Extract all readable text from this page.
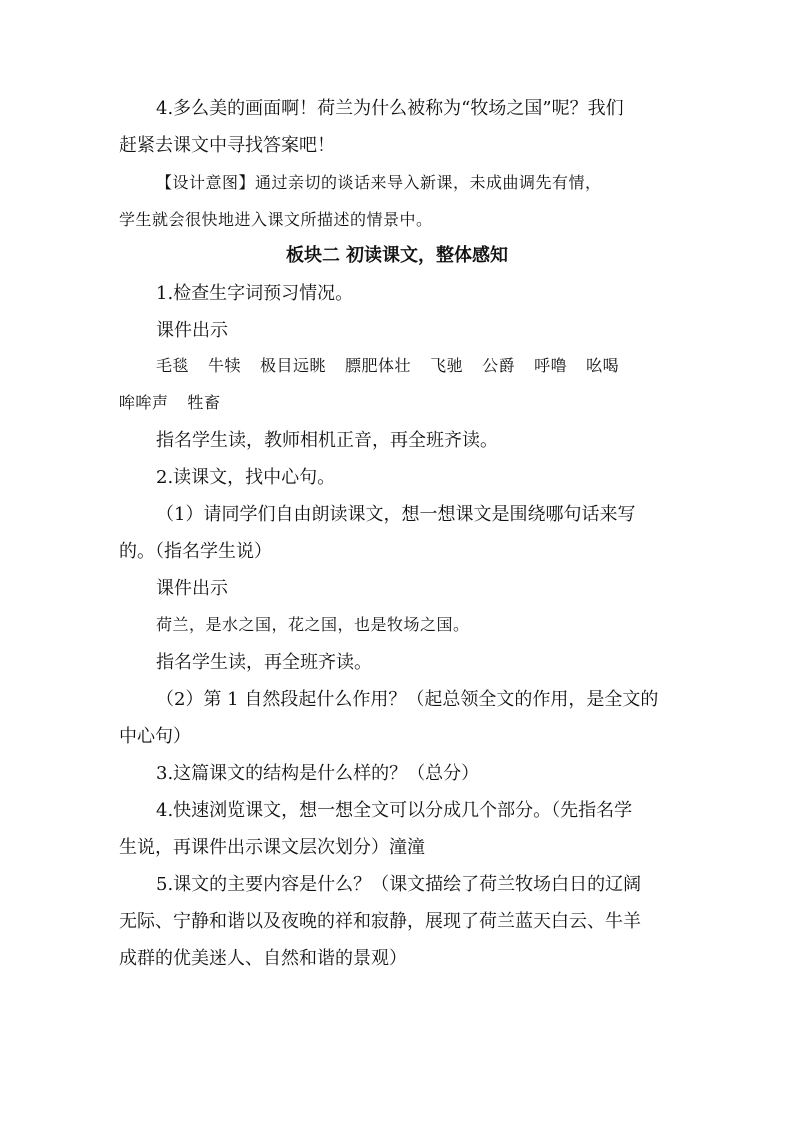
4.多么美的画面啊！荷兰为什么被称为“牧场之国”呢？我们
赶紧去课文中寻找答案吧！
【设计意图】通过亲切的谈话来导入新课，未成曲调先有情，
学生就会很快地进入课文所描述的情景中。
板块二 初读课文，整体感知
1.检查生字词预习情况。
课件出示
毛毯 牛犊 极目远眺 膘肥体壮 飞驰 公爵 呼噜 吆喝
哞哞声 牲畜
指名学生读，教师相机正音，再全班齐读。
2.读课文，找中心句。
（1）请同学们自由朗读课文，想一想课文是围绕哪句话来写
的。（指名学生说）
课件出示
荷兰，是水之国，花之国，也是牧场之国。
指名学生读，再全班齐读。
（2）第 1 自然段起什么作用？（起总领全文的作用，是全文的
中心句）
3.这篇课文的结构是什么样的？（总分）
4.快速浏览课文，想一想全文可以分成几个部分。（先指名学
生说，再课件出示课文层次划分）潼潼
5.课文的主要内容是什么？（课文描绘了荷兰牧场白日的辽阔
无际、宁静和谐以及夜晚的祥和寂静，展现了荷兰蓝天白云、牛羊
成群的优美迷人、自然和谐的景观）
